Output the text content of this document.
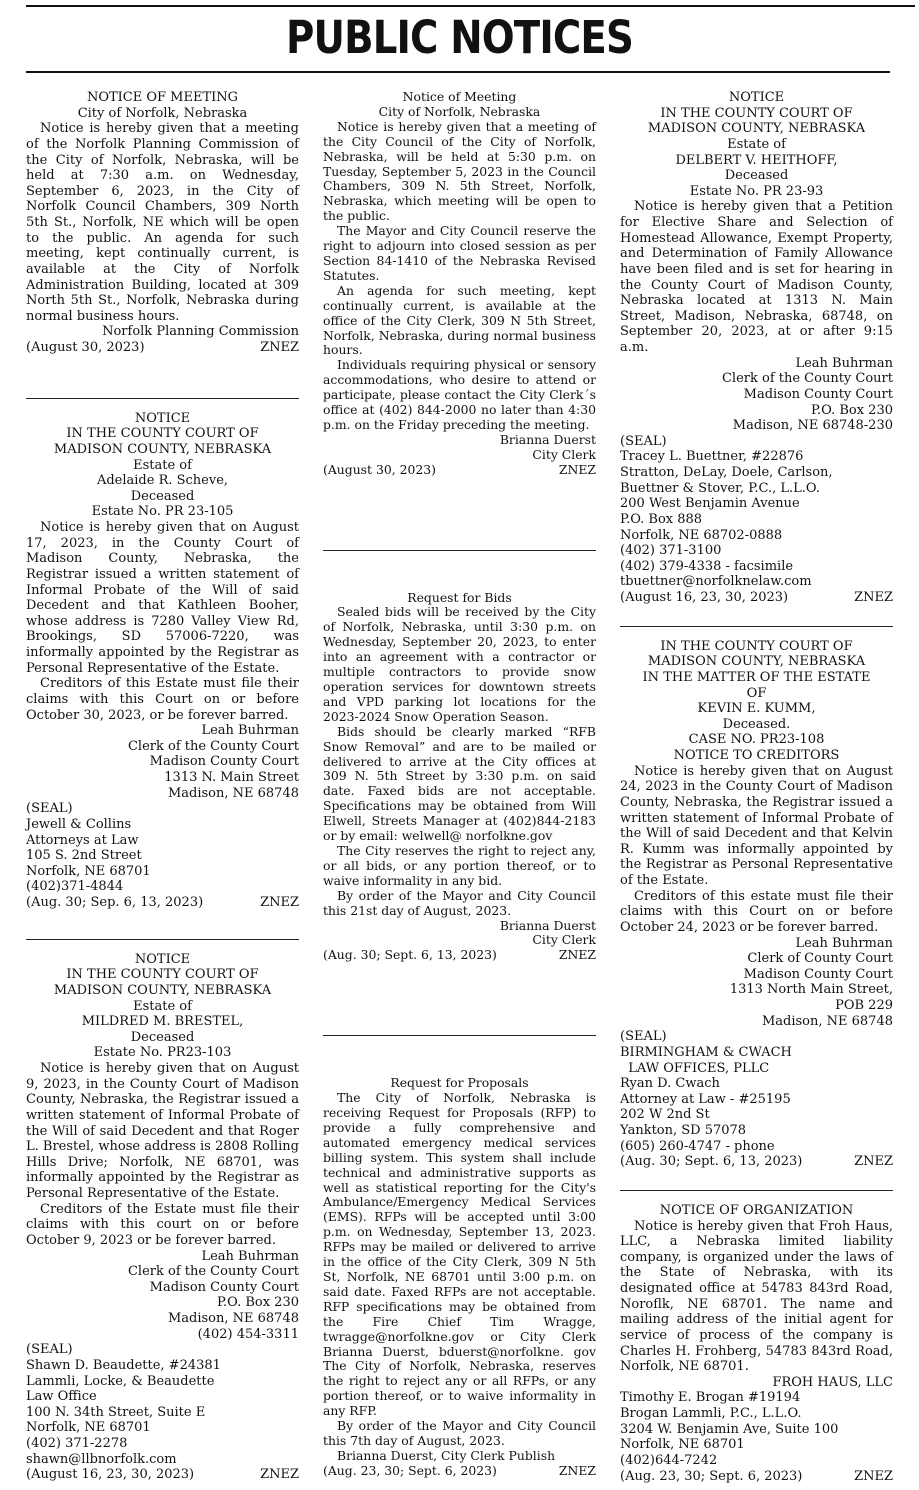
PUBLIC NOTICES

NOTICE OF MEETING

City of Norfolk, Nebraska

Notice is hereby given that a meeting of the Norfolk Planning Commission of the City of Norfolk, Nebraska, will be held at 7:30 a.m. on Wednesday, September 6, 2023, in the City of Norfolk Council Chambers, 309 North 5th St., Norfolk, NE which will be open to the public. An agenda for such meeting, kept continually current, is available at the City of Norfolk Administration Building, located at 309 North 5th St., Norfolk, Nebraska during normal business hours.

Norfolk Planning Commission

(August 30, 2023)	ZNEZ

NOTICE

IN THE COUNTY COURT OF

MADISON COUNTY, NEBRASKA

Estate of

Adelaide R. Scheve,

Deceased

Estate No. PR 23-105

Notice is hereby given that on August 17, 2023, in the County Court of Madison County, Nebraska, the Registrar issued a written statement of Informal Probate of the Will of said Decedent and that Kathleen Booher, whose address is 7280 Valley View Rd, Brookings, SD 57006-7220, was informally appointed by the Registrar as Personal Representative of the Estate.

Creditors of this Estate must file their claims with this Court on or before October 30, 2023, or be forever barred.

Leah Buhrman

Clerk of the County Court

Madison County Court

1313 N. Main Street

Madison, NE 68748

(SEAL)

Jewell & Collins

Attorneys at Law

105 S. 2nd Street

Norfolk, NE 68701

(402)371-4844

(Aug. 30; Sep. 6, 13, 2023)	ZNEZ

NOTICE

IN THE COUNTY COURT OF

MADISON COUNTY, NEBRASKA

Estate of

MILDRED M. BRESTEL,

Deceased

Estate No. PR23-103

Notice is hereby given that on August 9, 2023, in the County Court of Madison County, Nebraska, the Registrar issued a written statement of Informal Probate of the Will of said Decedent and that Roger L. Brestel, whose address is 2808 Rolling Hills Drive; Norfolk, NE 68701, was informally appointed by the Registrar as Personal Representative of the Estate.

Creditors of the Estate must file their claims with this court on or before October 9, 2023 or be forever barred.

Leah Buhrman

Clerk of the County Court

Madison County Court

P.O. Box 230

Madison, NE 68748

(402) 454-3311

(SEAL)

Shawn D. Beaudette, #24381

Lammli, Locke, & Beaudette

Law Office

100 N. 34th Street, Suite E

Norfolk, NE 68701

(402) 371-2278

shawn@llbnorfolk.com

(August 16, 23, 30, 2023)	ZNEZ

Notice of Meeting

City of Norfolk, Nebraska

Notice is hereby given that a meeting of the City Council of the City of Norfolk, Nebraska, will be held at 5:30 p.m. on Tuesday, September 5, 2023 in the Council Chambers, 309 N. 5th Street, Norfolk, Nebraska, which meeting will be open to the public.

The Mayor and City Council reserve the right to adjourn into closed session as per Section 84-1410 of the Nebraska Revised Statutes.

An agenda for such meeting, kept continually current, is available at the office of the City Clerk, 309 N 5th Street, Norfolk, Nebraska, during normal business hours.

Individuals requiring physical or sensory accommodations, who desire to attend or participate, please contact the City Clerk´s office at (402) 844-2000 no later than 4:30 p.m. on the Friday preceding the meeting.

Brianna Duerst

City Clerk

(August 30, 2023)	ZNEZ

Request for Bids

Sealed bids will be received by the City of Norfolk, Nebraska, until 3:30 p.m. on Wednesday, September 20, 2023, to enter into an agreement with a contractor or multiple contractors to provide snow operation services for downtown streets and VPD parking lot locations for the 2023-2024 Snow Operation Season.

Bids should be clearly marked “RFB Snow Removal” and are to be mailed or delivered to arrive at the City offices at 309 N. 5th Street by 3:30 p.m. on said date. Faxed bids are not acceptable. Specifications may be obtained from Will Elwell, Streets Manager at (402)844-2183 or by email: welwell@ norfolkne.gov

The City reserves the right to reject any, or all bids, or any portion thereof, or to waive informality in any bid.

By order of the Mayor and City Council this 21st day of August, 2023.

Brianna Duerst

City Clerk

(Aug. 30; Sept. 6, 13, 2023)	ZNEZ

Request for Proposals

The City of Norfolk, Nebraska is receiving Request for Proposals (RFP) to provide a fully comprehensive and automated emergency medical services billing system. This system shall include technical and administrative supports as well as statistical reporting for the City's Ambulance/Emergency Medical Services (EMS). RFPs will be accepted until 3:00 p.m. on Wednesday, September 13, 2023. RFPs may be mailed or delivered to arrive in the office of the City Clerk, 309 N 5th St, Norfolk, NE 68701 until 3:00 p.m. on said date. Faxed RFPs are not acceptable. RFP specifications may be obtained from the Fire Chief Tim Wragge, twragge@norfolkne.gov or City Clerk Brianna Duerst, bduerst@norfolkne. gov The City of Norfolk, Nebraska, reserves the right to reject any or all RFPs, or any portion thereof, or to waive informality in any RFP.

By order of the Mayor and City Council this 7th day of August, 2023.

Brianna Duerst, City Clerk Publish

(Aug. 23, 30; Sept. 6, 2023)	ZNEZ

NOTICE

IN THE COUNTY COURT OF

MADISON COUNTY, NEBRASKA

Estate of

DELBERT V. HEITHOFF,

Deceased

Estate No. PR 23-93

Notice is hereby given that a Petition for Elective Share and Selection of Homestead Allowance, Exempt Property, and Determination of Family Allowance have been filed and is set for hearing in the County Court of Madison County, Nebraska located at 1313 N. Main Street, Madison, Nebraska, 68748, on September 20, 2023, at or after 9:15 a.m.

Leah Buhrman

Clerk of the County Court

Madison County Court

P.O. Box 230

Madison, NE 68748-230

(SEAL)

Tracey L. Buettner, #22876

Stratton, DeLay, Doele, Carlson,

Buettner & Stover, P.C., L.L.O.

200 West Benjamin Avenue

P.O. Box 888

Norfolk, NE 68702-0888

(402) 371-3100

(402) 379-4338 - facsimile

tbuettner@norfolknelaw.com

(August 16, 23, 30, 2023)	ZNEZ

IN THE COUNTY COURT OF

MADISON COUNTY, NEBRASKA

IN THE MATTER OF THE ESTATE

OF

KEVIN E. KUMM,

Deceased.

CASE NO. PR23-108

NOTICE TO CREDITORS

Notice is hereby given that on August 24, 2023 in the County Court of Madison County, Nebraska, the Registrar issued a written statement of Informal Probate of the Will of said Decedent and that Kelvin R. Kumm was informally appointed by the Registrar as Personal Representative of the Estate.

Creditors of this estate must file their claims with this Court on or before October 24, 2023 or be forever barred.

Leah Buhrman

Clerk of County Court

Madison County Court

1313 North Main Street,

POB 229

Madison, NE 68748

(SEAL)

BIRMINGHAM & CWACH

LAW OFFICES, PLLC

Ryan D. Cwach

Attorney at Law - #25195

202 W 2nd St

Yankton, SD 57078

(605) 260-4747 - phone

(Aug. 30; Sept. 6, 13, 2023)	ZNEZ

NOTICE OF ORGANIZATION

Notice is hereby given that Froh Haus, LLC, a Nebraska limited liability company, is organized under the laws of the State of Nebraska, with its designated office at 54783 843rd Road, Noroflk, NE 68701. The name and mailing address of the initial agent for service of process of the company is Charles H. Frohberg, 54783 843rd Road, Norfolk, NE 68701.

FROH HAUS, LLC

Timothy E. Brogan #19194

Brogan Lammli, P.C., L.L.O.

3204 W. Benjamin Ave, Suite 100

Norfolk, NE 68701

(402)644-7242

(Aug. 23, 30; Sept. 6, 2023)	ZNEZ
